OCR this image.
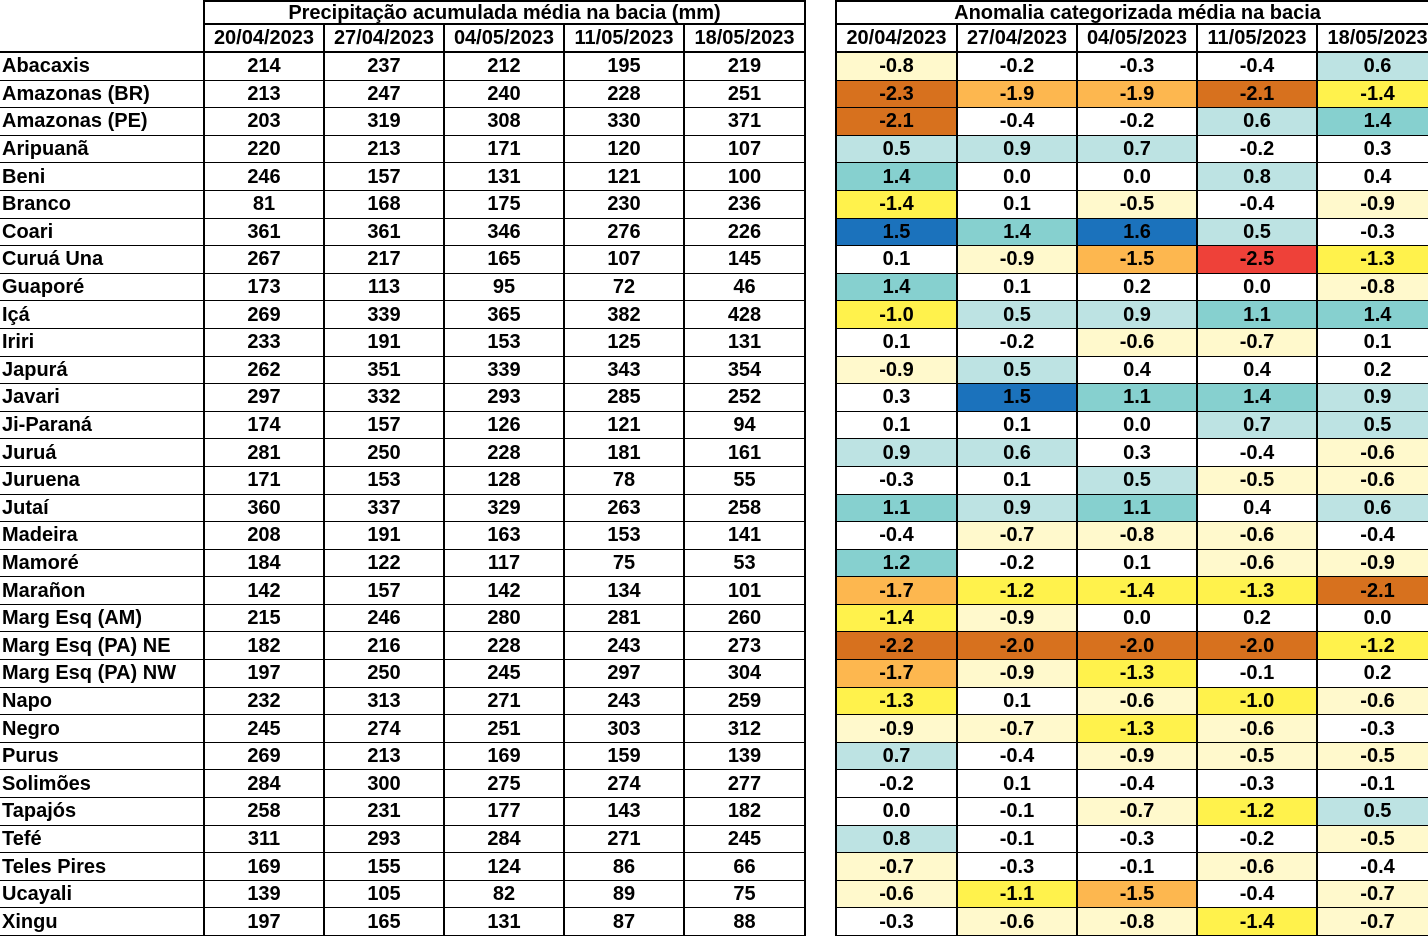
	Precipitação acumulada média na bacia (mm)				
	20/04/2023	27/04/2023	04/05/2023	11/05/2023	18/05/2023
Abacaxis	214	237	212	195	219
Amazonas (BR)	213	247	240	228	251
Amazonas (PE)	203	319	308	330	371
Aripuanã	220	213	171	120	107
Beni	246	157	131	121	100
Branco	81	168	175	230	236
Coari	361	361	346	276	226
Curuá Una	267	217	165	107	145
Guaporé	173	113	95	72	46
Içá	269	339	365	382	428
Iriri	233	191	153	125	131
Japurá	262	351	339	343	354
Javari	297	332	293	285	252
Ji-Paraná	174	157	126	121	94
Juruá	281	250	228	181	161
Juruena	171	153	128	78	55
Jutaí	360	337	329	263	258
Madeira	208	191	163	153	141
Mamoré	184	122	117	75	53
Marañon	142	157	142	134	101
Marg Esq (AM)	215	246	280	281	260
Marg Esq (PA) NE	182	216	228	243	273
Marg Esq (PA) NW	197	250	245	297	304
Napo	232	313	271	243	259
Negro	245	274	251	303	312
Purus	269	213	169	159	139
Solimões	284	300	275	274	277
Tapajós	258	231	177	143	182
Tefé	311	293	284	271	245
Teles Pires	169	155	124	86	66
Ucayali	139	105	82	89	75
Xingu	197	165	131	87	88
Anomalia categorizada média na bacia				
20/04/2023	27/04/2023	04/05/2023	11/05/2023	18/05/2023
-0.8	-0.2	-0.3	-0.4	0.6
-2.3	-1.9	-1.9	-2.1	-1.4
-2.1	-0.4	-0.2	0.6	1.4
0.5	0.9	0.7	-0.2	0.3
1.4	0.0	0.0	0.8	0.4
-1.4	0.1	-0.5	-0.4	-0.9
1.5	1.4	1.6	0.5	-0.3
0.1	-0.9	-1.5	-2.5	-1.3
1.4	0.1	0.2	0.0	-0.8
-1.0	0.5	0.9	1.1	1.4
0.1	-0.2	-0.6	-0.7	0.1
-0.9	0.5	0.4	0.4	0.2
0.3	1.5	1.1	1.4	0.9
0.1	0.1	0.0	0.7	0.5
0.9	0.6	0.3	-0.4	-0.6
-0.3	0.1	0.5	-0.5	-0.6
1.1	0.9	1.1	0.4	0.6
-0.4	-0.7	-0.8	-0.6	-0.4
1.2	-0.2	0.1	-0.6	-0.9
-1.7	-1.2	-1.4	-1.3	-2.1
-1.4	-0.9	0.0	0.2	0.0
-2.2	-2.0	-2.0	-2.0	-1.2
-1.7	-0.9	-1.3	-0.1	0.2
-1.3	0.1	-0.6	-1.0	-0.6
-0.9	-0.7	-1.3	-0.6	-0.3
0.7	-0.4	-0.9	-0.5	-0.5
-0.2	0.1	-0.4	-0.3	-0.1
0.0	-0.1	-0.7	-1.2	0.5
0.8	-0.1	-0.3	-0.2	-0.5
-0.7	-0.3	-0.1	-0.6	-0.4
-0.6	-1.1	-1.5	-0.4	-0.7
-0.3	-0.6	-0.8	-1.4	-0.7
